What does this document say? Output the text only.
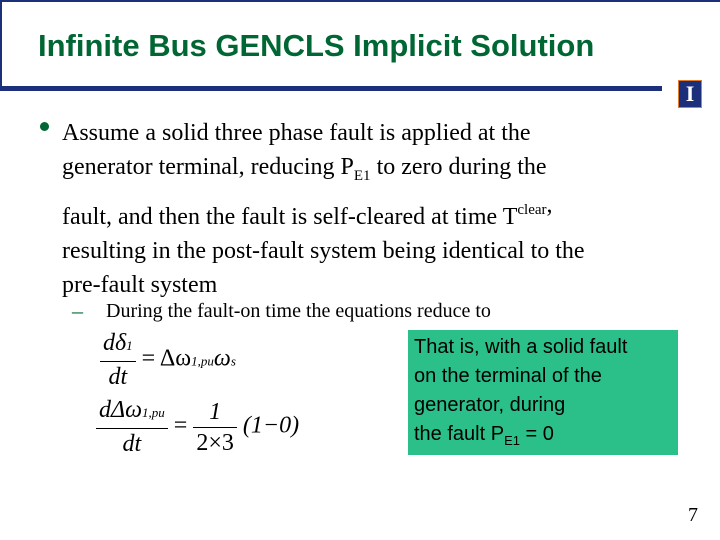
Infinite Bus GENCLS Implicit Solution
I
Assume a solid three phase fault is applied at the
generator terminal, reducing $P_{E1}$ to zero during the
fault, and then the fault is self-cleared at time $T^{clear}$,
resulting in the post-fault system being identical to the
pre-fault system
– During the fault-on time the equations reduce to
$\frac{d\delta 1}{dt} = \Delta\omega 1,pu\omega s$
$\frac{\text{dΔω1,pu}}{dt} = \frac{1}{2\times 3} (1-0)$
That is, with a solid fault
on the terminal of the
generator, during
the fault $P_{E1} = 0$
7
